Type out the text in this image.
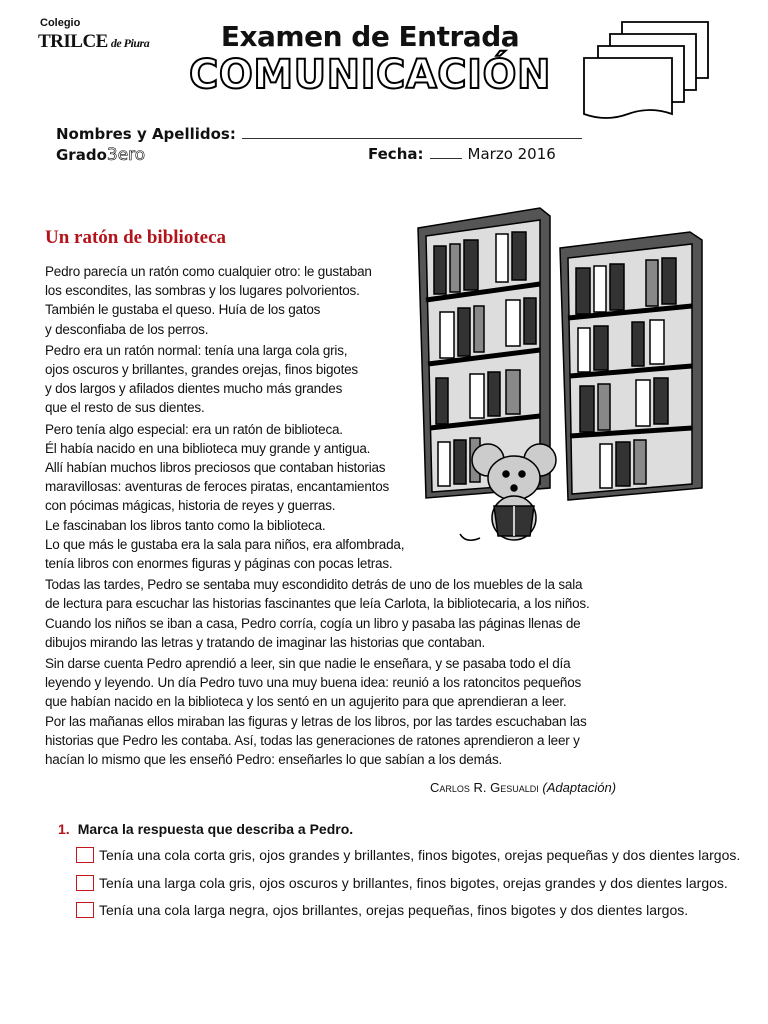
Colegio
TRILCE de Piura	Examen de Entrada
COMUNICACIÓN
Nombres y Apellidos:
Grado3ero	Fecha:	Marzo 2016
Un ratón de biblioteca

Pedro parecía un ratón como cualquier otro: le gustaban
los escondites, las sombras y los lugares polvorientos.
También le gustaba el queso. Huía de los gatos
y desconfiaba de los perros.

Pedro era un ratón normal: tenía una larga cola gris,
ojos oscuros y brillantes, grandes orejas, finos bigotes
y dos largos y afilados dientes mucho más grandes
que el resto de sus dientes.

Pero tenía algo especial: era un ratón de biblioteca.
Él había nacido en una biblioteca muy grande y antigua.
Allí habían muchos libros preciosos que contaban historias
maravillosas: aventuras de feroces piratas, encantamientos
con pócimas mágicas, historia de reyes y guerras.
Le fascinaban los libros tanto como la biblioteca.
Lo que más le gustaba era la sala para niños, era alfombrada,
tenía libros con enormes figuras y páginas con pocas letras.

Todas las tardes, Pedro se sentaba muy escondidito detrás de uno de los muebles de la sala
de lectura para escuchar las historias fascinantes que leía Carlota, la bibliotecaria, a los niños.
Cuando los niños se iban a casa, Pedro corría, cogía un libro y pasaba las páginas llenas de
dibujos mirando las letras y tratando de imaginar las historias que contaban.

Sin darse cuenta Pedro aprendió a leer, sin que nadie le enseñara, y se pasaba todo el día
leyendo y leyendo. Un día Pedro tuvo una muy buena idea: reunió a los ratoncitos pequeños
que habían nacido en la biblioteca y los sentó en un agujerito para que aprendieran a leer.
Por las mañanas ellos miraban las figuras y letras de los libros, por las tardes escuchaban las
historias que Pedro les contaba. Así, todas las generaciones de ratones aprendieron a leer y
hacían lo mismo que les enseñó Pedro: enseñarles lo que sabían a los demás.

Carlos R. Gesualdi (Adaptación)
1. Marca la respuesta que describa a Pedro.
Tenía una cola corta gris, ojos grandes y brillantes, finos bigotes, orejas pequeñas y dos dientes largos.
Tenía una larga cola gris, ojos oscuros y brillantes, finos bigotes, orejas grandes y dos dientes largos.
Tenía una cola larga negra, ojos brillantes, orejas pequeñas, finos bigotes y dos dientes largos.
